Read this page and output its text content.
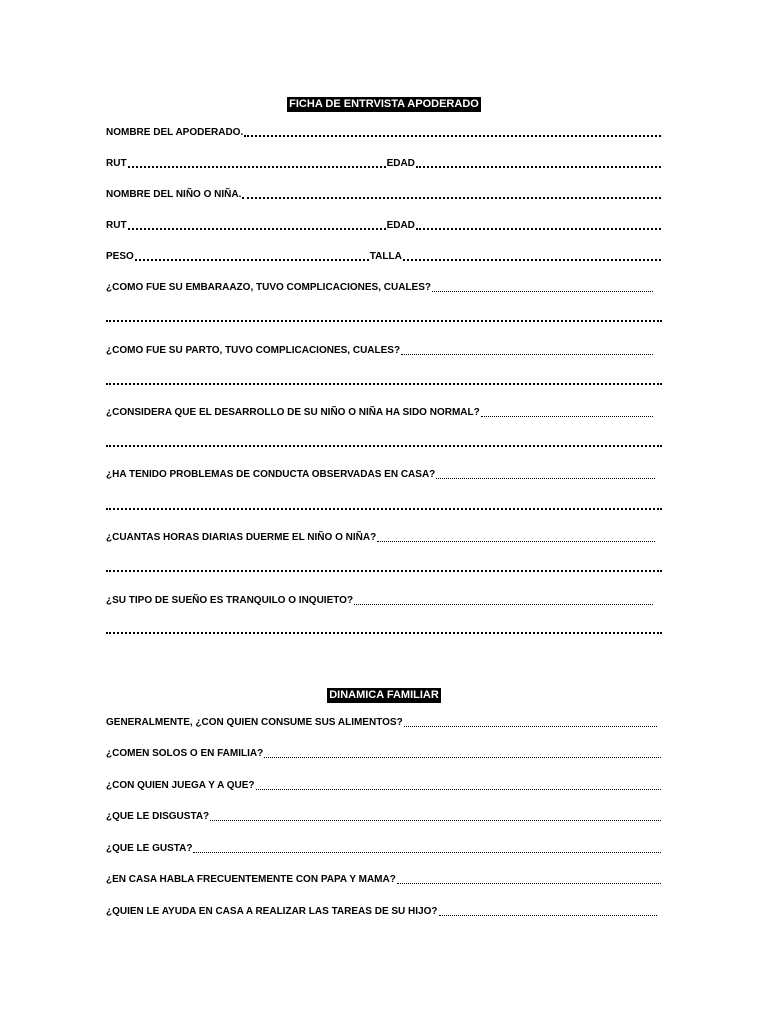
FICHA DE ENTRVISTA APODERADO
NOMBRE DEL APODERADO.
RUT	EDAD
NOMBRE DEL NIÑO O NIÑA.
RUT	EDAD
PESO	TALLA
¿COMO FUE SU EMBARAAZO, TUVO COMPLICACIONES, CUALES?
¿COMO FUE SU PARTO, TUVO COMPLICACIONES, CUALES?
¿CONSIDERA QUE EL DESARROLLO DE SU NIÑO O NIÑA HA SIDO NORMAL?
¿HA TENIDO PROBLEMAS DE CONDUCTA OBSERVADAS EN CASA?
¿CUANTAS HORAS DIARIAS DUERME EL NIÑO O NIÑA?
¿SU TIPO DE SUEÑO ES TRANQUILO O INQUIETO?
DINAMICA FAMILIAR
GENERALMENTE, ¿CON QUIEN CONSUME SUS ALIMENTOS?
¿COMEN SOLOS O EN FAMILIA?
¿CON QUIEN JUEGA Y A QUE?
¿QUE LE DISGUSTA?
¿QUE LE GUSTA?
¿EN CASA HABLA FRECUENTEMENTE CON PAPA Y MAMA?
¿QUIEN LE AYUDA EN CASA A REALIZAR LAS TAREAS DE SU HIJO?
